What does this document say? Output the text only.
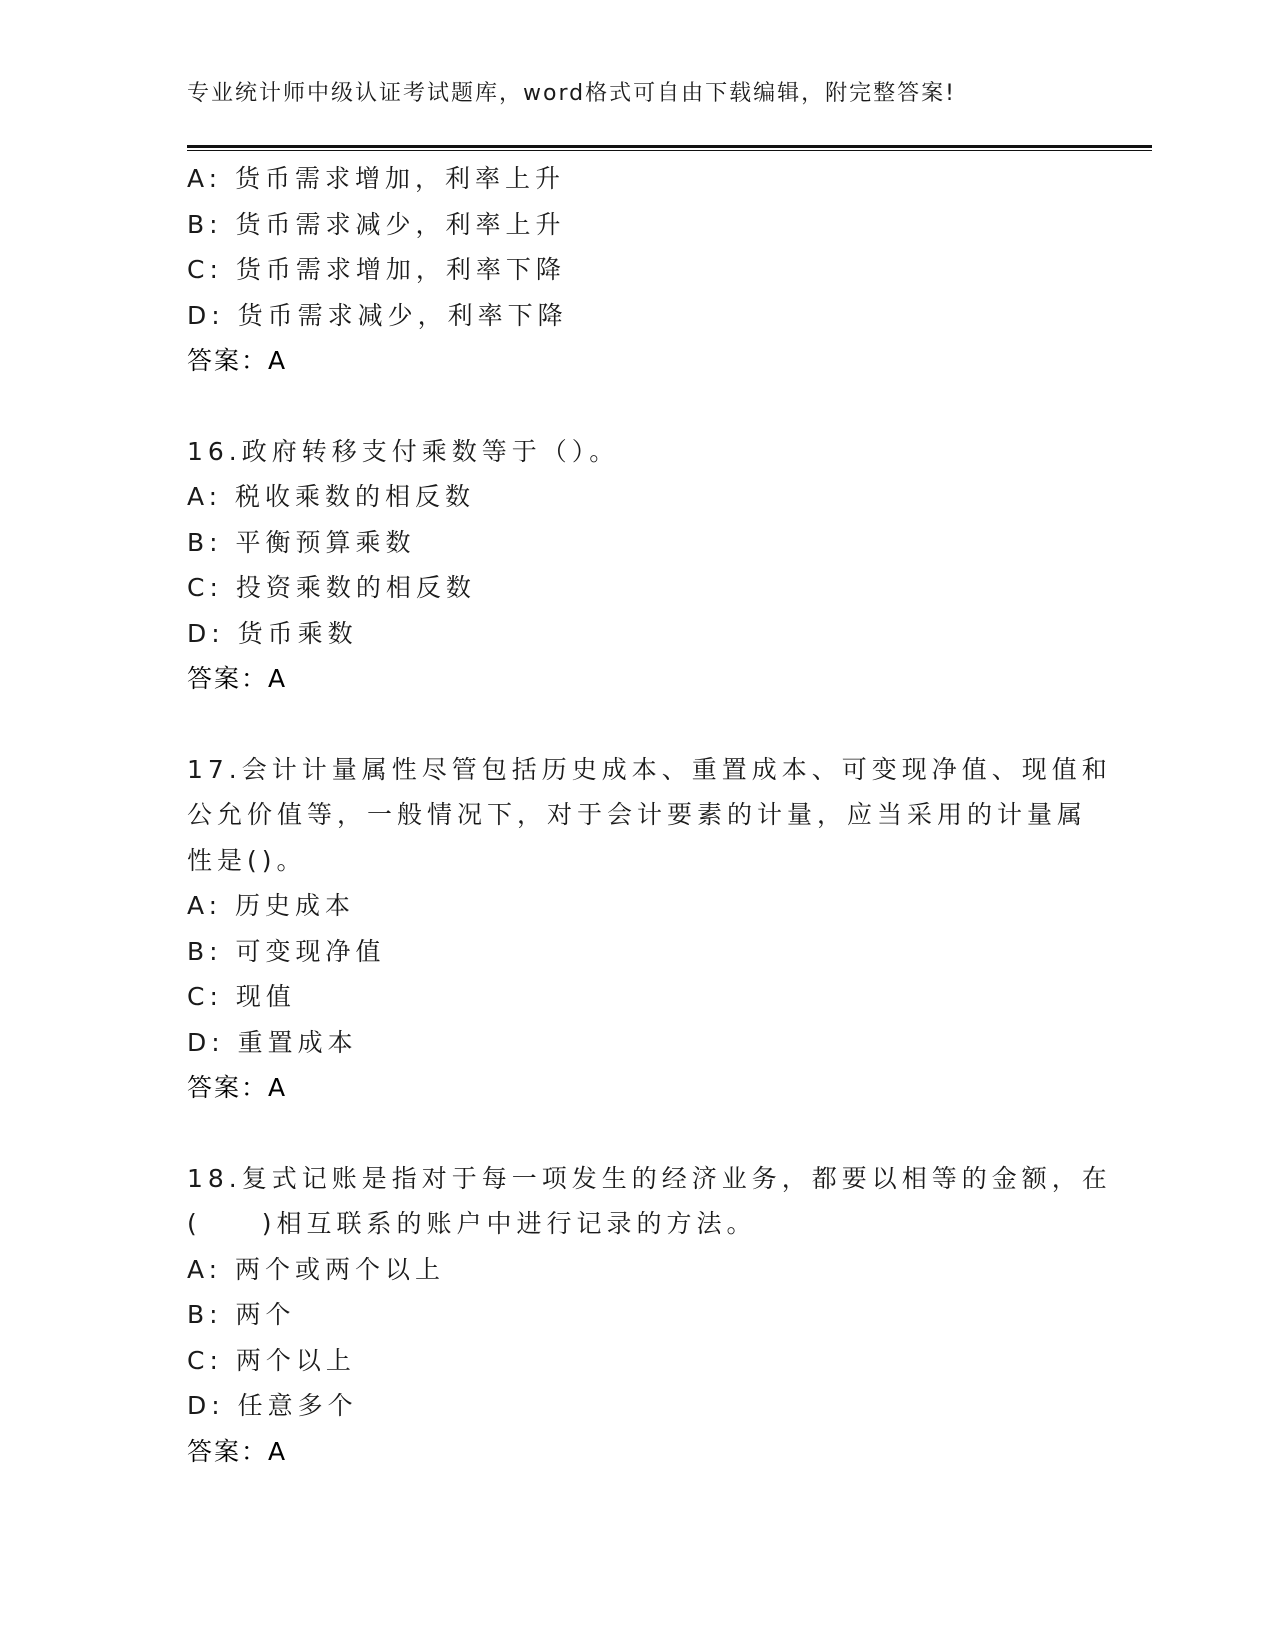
专业统计师中级认证考试题库，word格式可自由下载编辑，附完整答案!
A: 货币需求增加，利率上升
B: 货币需求减少，利率上升
C: 货币需求增加，利率下降
D: 货币需求减少，利率下降
答案：A
16.政府转移支付乘数等于（）。
A: 税收乘数的相反数
B: 平衡预算乘数
C: 投资乘数的相反数
D: 货币乘数
答案：A
17.会计计量属性尽管包括历史成本、重置成本、可变现净值、现值和
公允价值等，一般情况下，对于会计要素的计量，应当采用的计量属
性是()。
A: 历史成本
B: 可变现净值
C: 现值
D: 重置成本
答案：A
18.复式记账是指对于每一项发生的经济业务，都要以相等的金额，在
(　　)相互联系的账户中进行记录的方法。
A: 两个或两个以上
B: 两个
C: 两个以上
D: 任意多个
答案：A
